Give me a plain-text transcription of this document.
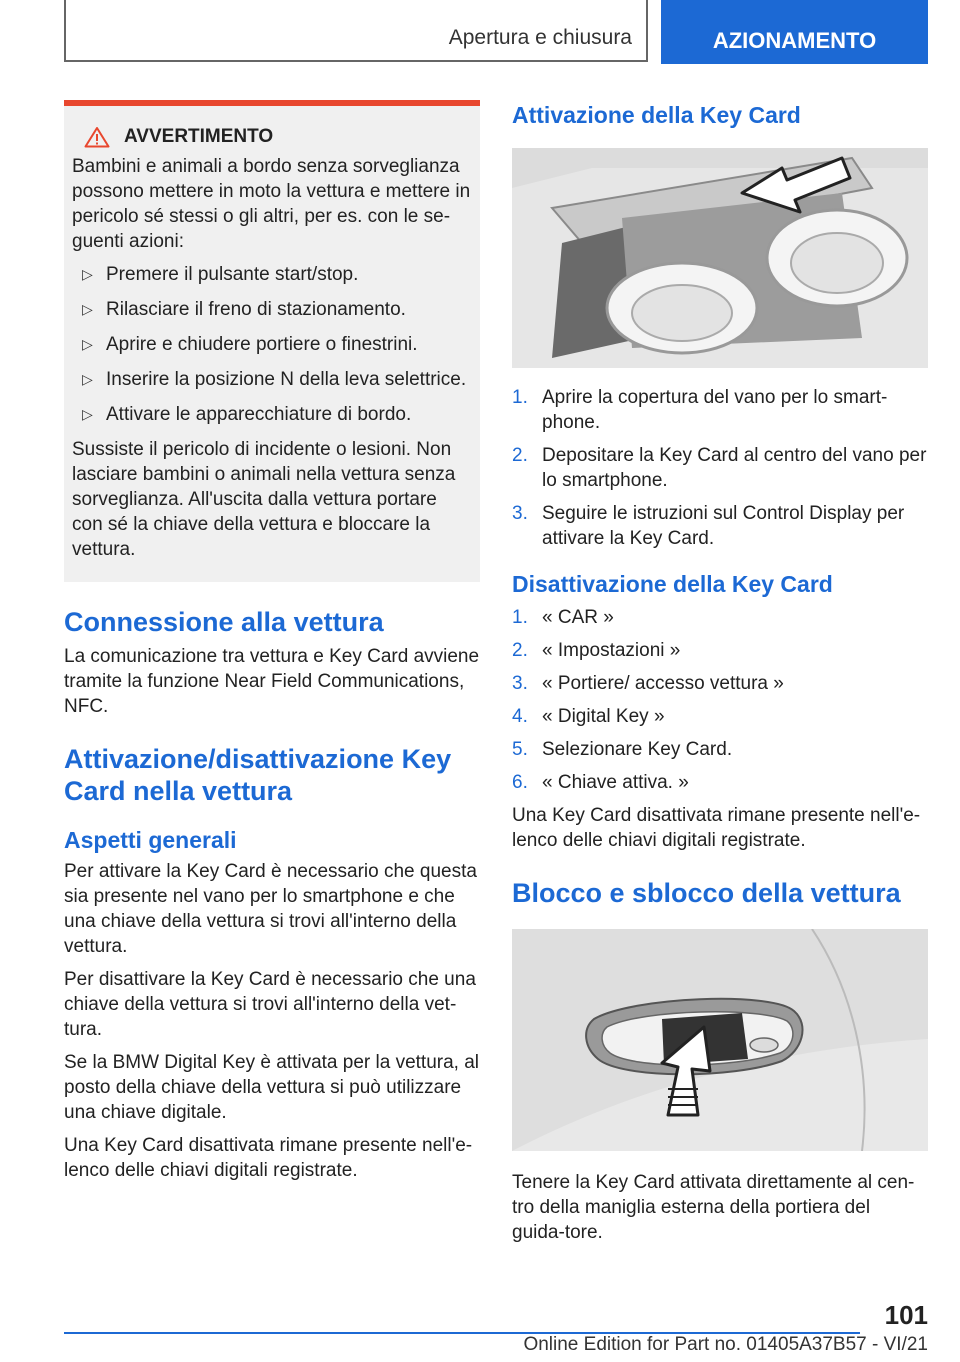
Apertura e chiusura	AZIONAMENTO
AVVERTIMENTO

Bambini e animali a bordo senza sorveglianza possono mettere in moto la vettura e mettere in pericolo sé stessi o gli altri, per es. con le se-guenti azioni:

▷ Premere il pulsante start/stop.
▷ Rilasciare il freno di stazionamento.
▷ Aprire e chiudere portiere o finestrini.
▷ Inserire la posizione N della leva selettrice.
▷ Attivare le apparecchiature di bordo.

Sussiste il pericolo di incidente o lesioni. Non lasciare bambini o animali nella vettura senza sorveglianza. All'uscita dalla vettura portare con sé la chiave della vettura e bloccare la vettura.

Connessione alla vettura

La comunicazione tra vettura e Key Card avviene tramite la funzione Near Field Communications, NFC.

Attivazione/disattivazione Key Card nella vettura
Aspetti generali

Per attivare la Key Card è necessario che questa sia presente nel vano per lo smartphone e che una chiave della vettura si trovi all'interno della vettura.

Per disattivare la Key Card è necessario che una chiave della vettura si trovi all'interno della vet-tura.

Se la BMW Digital Key è attivata per la vettura, al posto della chiave della vettura si può utilizzare una chiave digitale.

Una Key Card disattivata rimane presente nell'e-lenco delle chiavi digitali registrate.

Attivazione della Key Card
1. Aprire la copertura del vano per lo smart-phone.
2. Depositare la Key Card al centro del vano per lo smartphone.
3. Seguire le istruzioni sul Control Display per attivare la Key Card.
Disattivazione della Key Card
1. « CAR »
2. « Impostazioni »
3. « Portiere/ accesso vettura »
4. « Digital Key »
5. Selezionare Key Card.
6. « Chiave attiva. »

Una Key Card disattivata rimane presente nell'e-lenco delle chiavi digitali registrate.

Blocco e sblocco della vettura

Tenere la Key Card attivata direttamente al cen-tro della maniglia esterna della portiera del guida-tore.

101
Online Edition for Part no. 01405A37B57 - VI/21
